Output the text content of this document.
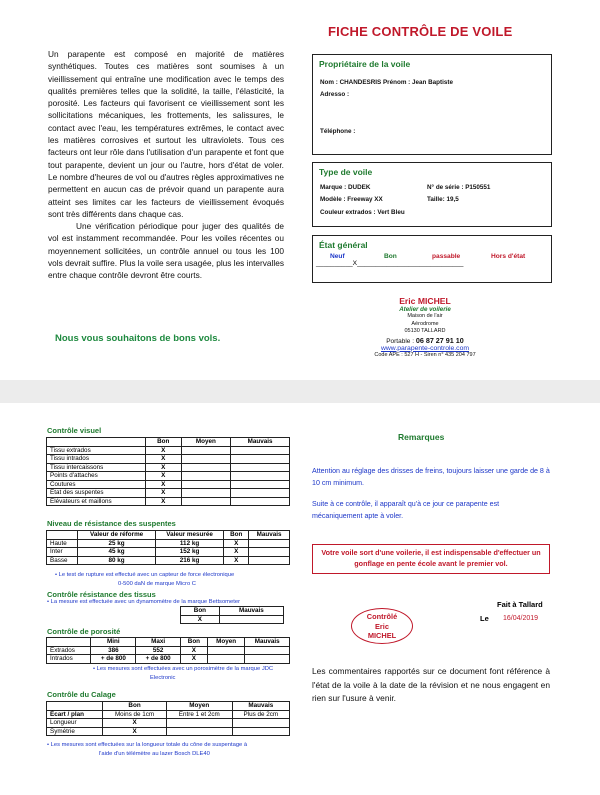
Un parapente est composé en majorité de matières synthétiques. Toutes ces matières sont soumises à un vieillissement qui entraîne une modification avec le temps des qualités premières telles que la solidité, la taille, l'élasticité, la porosité. Les facteurs qui favorisent ce vieillissement sont les sollicitations mécaniques, les frottements, les salissures, le contact avec l'eau, les températures extrêmes, le contact avec les matières corrosives et surtout les ultraviolets. Tous ces facteurs ont leur rôle dans l'utilisation d'un parapente et font que tout parapente, devient un jour ou l'autre, hors d'état de voler. Le nombre d'heures de vol ou d'autres règles approximatives ne permettent en aucun cas de prévoir quand un parapente aura atteint ses limites car les facteurs de vieillissement évoqués sont très différents dans chaque cas.

Une vérification périodique pour juger des qualités de vol est instamment recommandée. Pour les voiles récentes ou moyennement sollicitées, un contrôle annuel ou tous les 100 vols devrait suffire. Plus la voile sera usagée, plus les intervalles entre chaque contrôle devront être courts.

Nous vous souhaitons de bons vols.
FICHE CONTRÔLE DE VOILE
Propriétaire de la voile
Nom : CHANDESRIS Prénom : Jean Baptiste
Adresso :
Téléphone :
Type de voile
Marque : DUDEK	N° de série : P150551
Modèle : Freeway XX	Taille: 19,5
Couleur extrados : Vert Bleu
État général
Neuf	Bon	passable	Hors d'état
__________X_____________________________
Eric MICHEL
Atelier de voilerie
Maison de l'air
Aérodrome
05130 TALLARD
Portable : 06 87 27 91 10
www.parapente-controle.com
Code APE : 527 H - Siren n° 435 204 797
Contrôle visuel
	Bon	Moyen	Mauvais
Tissu extrados	X		
Tissu intrados	X		
Tissu intercaissons	X		
Points d'attaches	X		
Coutures	X		
Etat des suspentes	X		
Elévateurs et maillons	X		
Niveau de résistance des suspentes
	Valeur de réforme	Valeur mesurée	Bon	Mauvais
Haute	25 kg	112 kg	X	
Inter	45 kg	152 kg	X	
Basse	80 kg	216 kg	X	
• Le test de rupture est effectué avec un capteur de force électronique
0-500 daN de marque Micro C
Contrôle résistance des tissus
• La mesure est effectuée avec un dynamomètre de la marque Bettsometer
Bon	Mauvais
X	
Contrôle de porosité
	Mini	Maxi	Bon	Moyen	Mauvais
Extrados	386	552	X		
Intrados	+ de 800	+ de 800	X		
• Les mesures sont effectuées avec un porosimètre de la marque JDC
Electronic
Contrôle du Calage
	Bon	Moyen	Mauvais
Écart / plan	Moins de 1cm	Entre 1 et 2cm	Plus de 2cm
Longueur	X		
Symétrie	X		
• Les mesures sont effectuées sur la longueur totale du cône de suspentage à
l'aide d'un télémètre au lazer Bosch DLE40
Remarques
Attention au réglage des drisses de freins, toujours laisser une garde de 8 à 10 cm minimum.
Suite à ce contrôle, il apparaît qu'à ce jour ce parapente est mécaniquement apte à voler.
Votre voile sort d'une voilerie, il est indispensable d'effectuer un gonflage en pente école avant le premier vol.
Fait à Tallard
Le 16/04/2019
Contrôlé
Eric
MICHEL
Les commentaires rapportés sur ce document font référence à l'état de la voile à la date de la révision et ne nous engagent en rien sur l'usure à venir.
